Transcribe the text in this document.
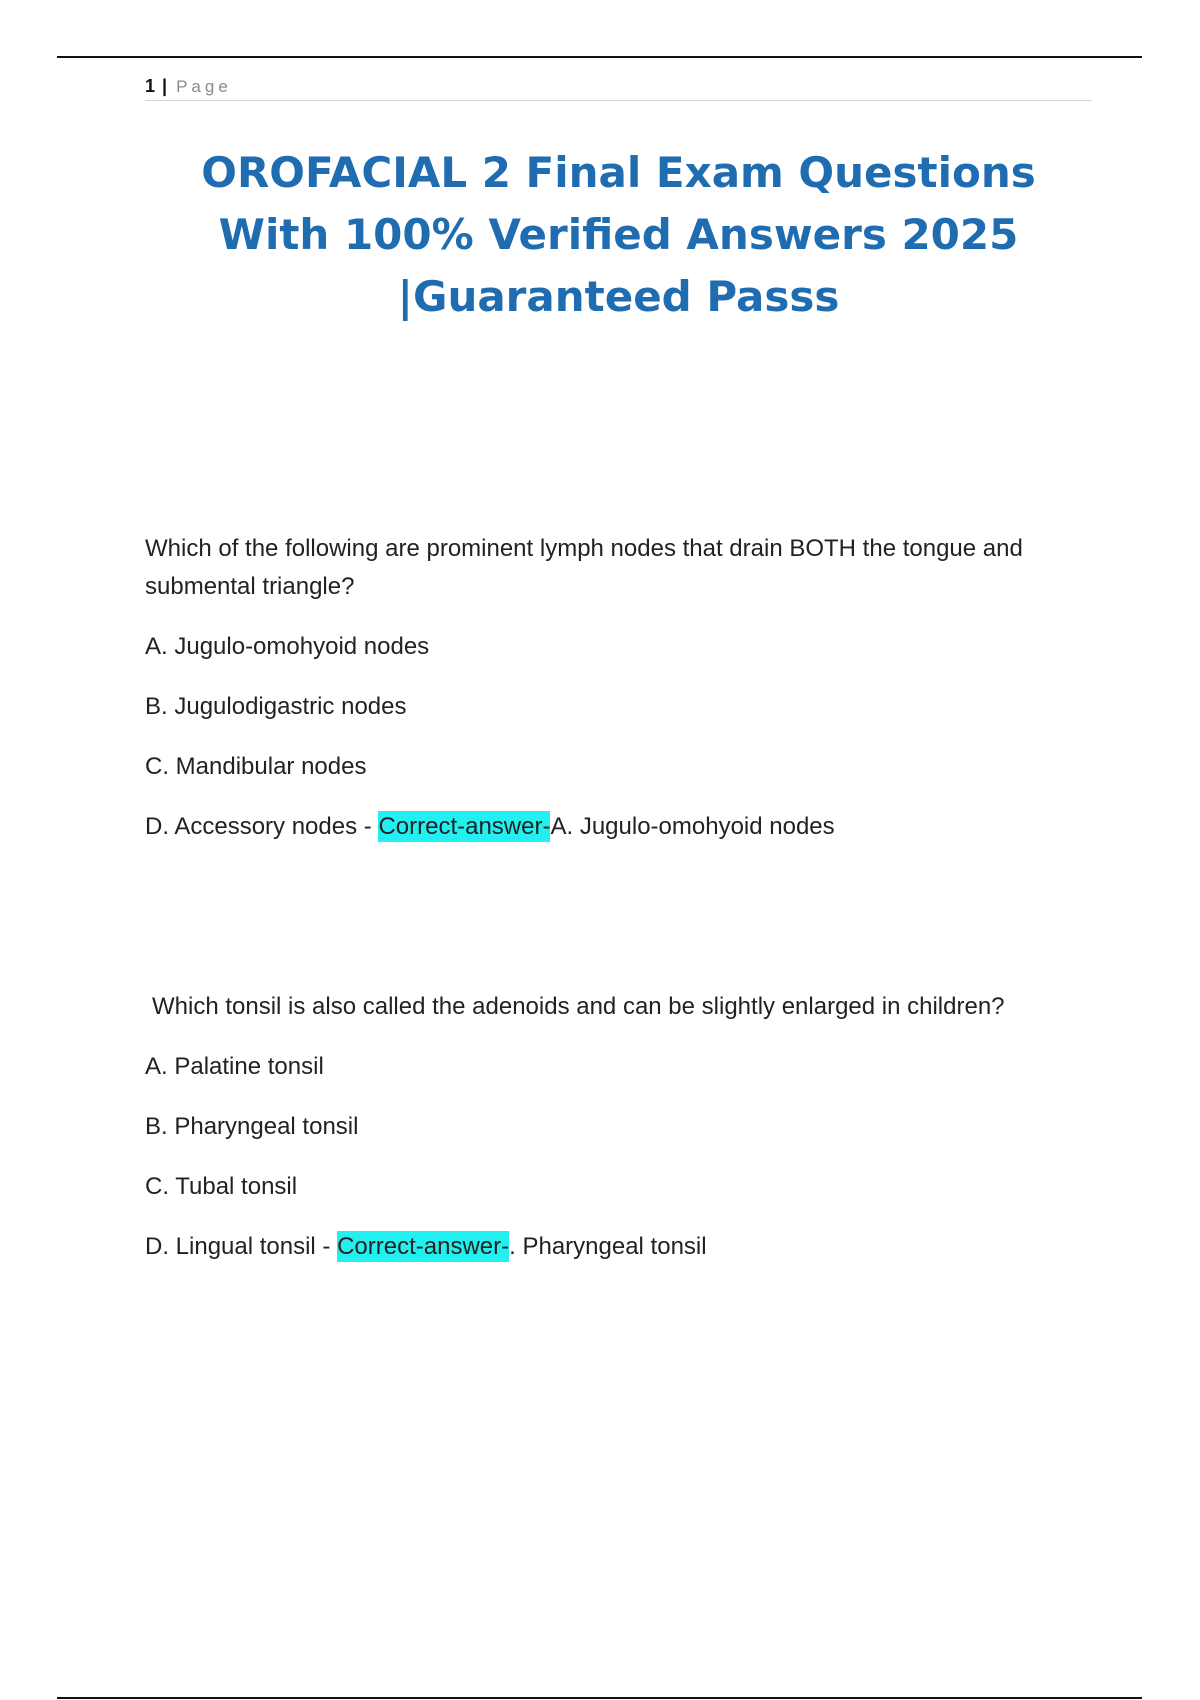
1 | Page
OROFACIAL 2 Final Exam Questions With 100% Verified Answers 2025 |Guaranteed Passs

Which of the following are prominent lymph nodes that drain BOTH the tongue and submental triangle?

A. Jugulo-omohyoid nodes

B. Jugulodigastric nodes

C. Mandibular nodes

D. Accessory nodes - Correct-answer-A. Jugulo-omohyoid nodes

Which tonsil is also called the adenoids and can be slightly enlarged in children?

A. Palatine tonsil

B. Pharyngeal tonsil

C. Tubal tonsil

D. Lingual tonsil - Correct-answer-. Pharyngeal tonsil
